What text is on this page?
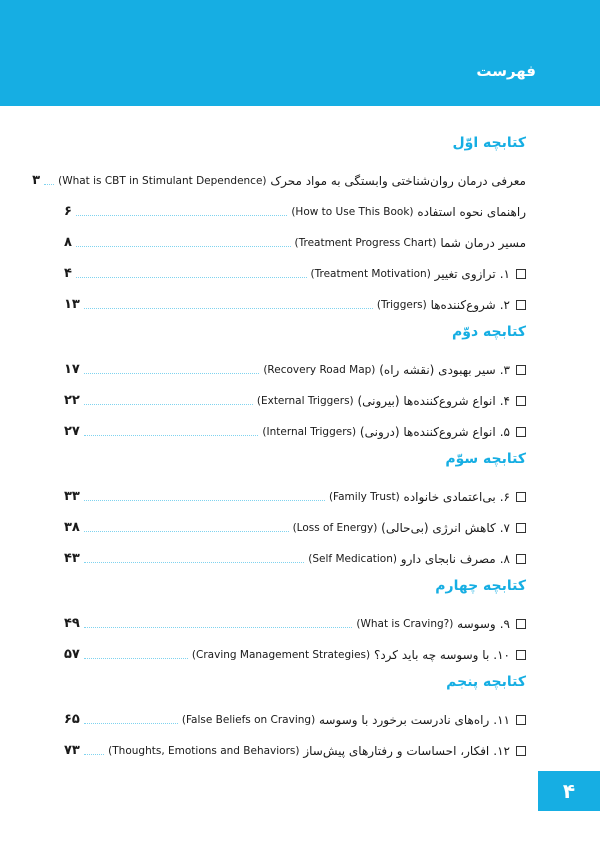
فهرست
کتابچه اوّل
معرفی درمان روان‌شناختی وابستگی به مواد محرک

(What is CBT in Stimulant Dependence)
۳
راهنمای نحوه استفاده

(How to Use This Book)
۶
مسیر درمان شما

(Treatment Progress Chart)
۸
۱.
ترازوی تغییر

(Treatment Motivation)
۴
۲.
شروع‌کننده‌ها

(Triggers)
۱۳
کتابچه دوّم
۳.
سیر بهبودی (نقشه راه)

(Recovery Road Map)
۱۷
۴.
انواع شروع‌کننده‌ها (بیرونی)

(External Triggers)
۲۲
۵.
انواع شروع‌کننده‌ها (درونی)

(Internal Triggers)
۲۷
کتابچه سوّم
۶.
بی‌اعتمادی خانواده

(Family Trust)
۳۳
۷.
کاهش انرژی (بی‌حالی)

(Loss of Energy)
۳۸
۸.
مصرف نابجای دارو

(Self Medication)
۴۳
کتابچه چهارم
۹.
وسوسه

(What is Craving?)
۴۹
۱۰.
با وسوسه چه باید کرد؟

(Craving Management Strategies)
۵۷
کتابچه پنجم
۱۱.
راه‌های نادرست برخورد با وسوسه

(False Beliefs on Craving)
۶۵
۱۲.
افکار، احساسات و رفتارهای پیش‌ساز

(Thoughts, Emotions and Behaviors)
۷۳
۴
